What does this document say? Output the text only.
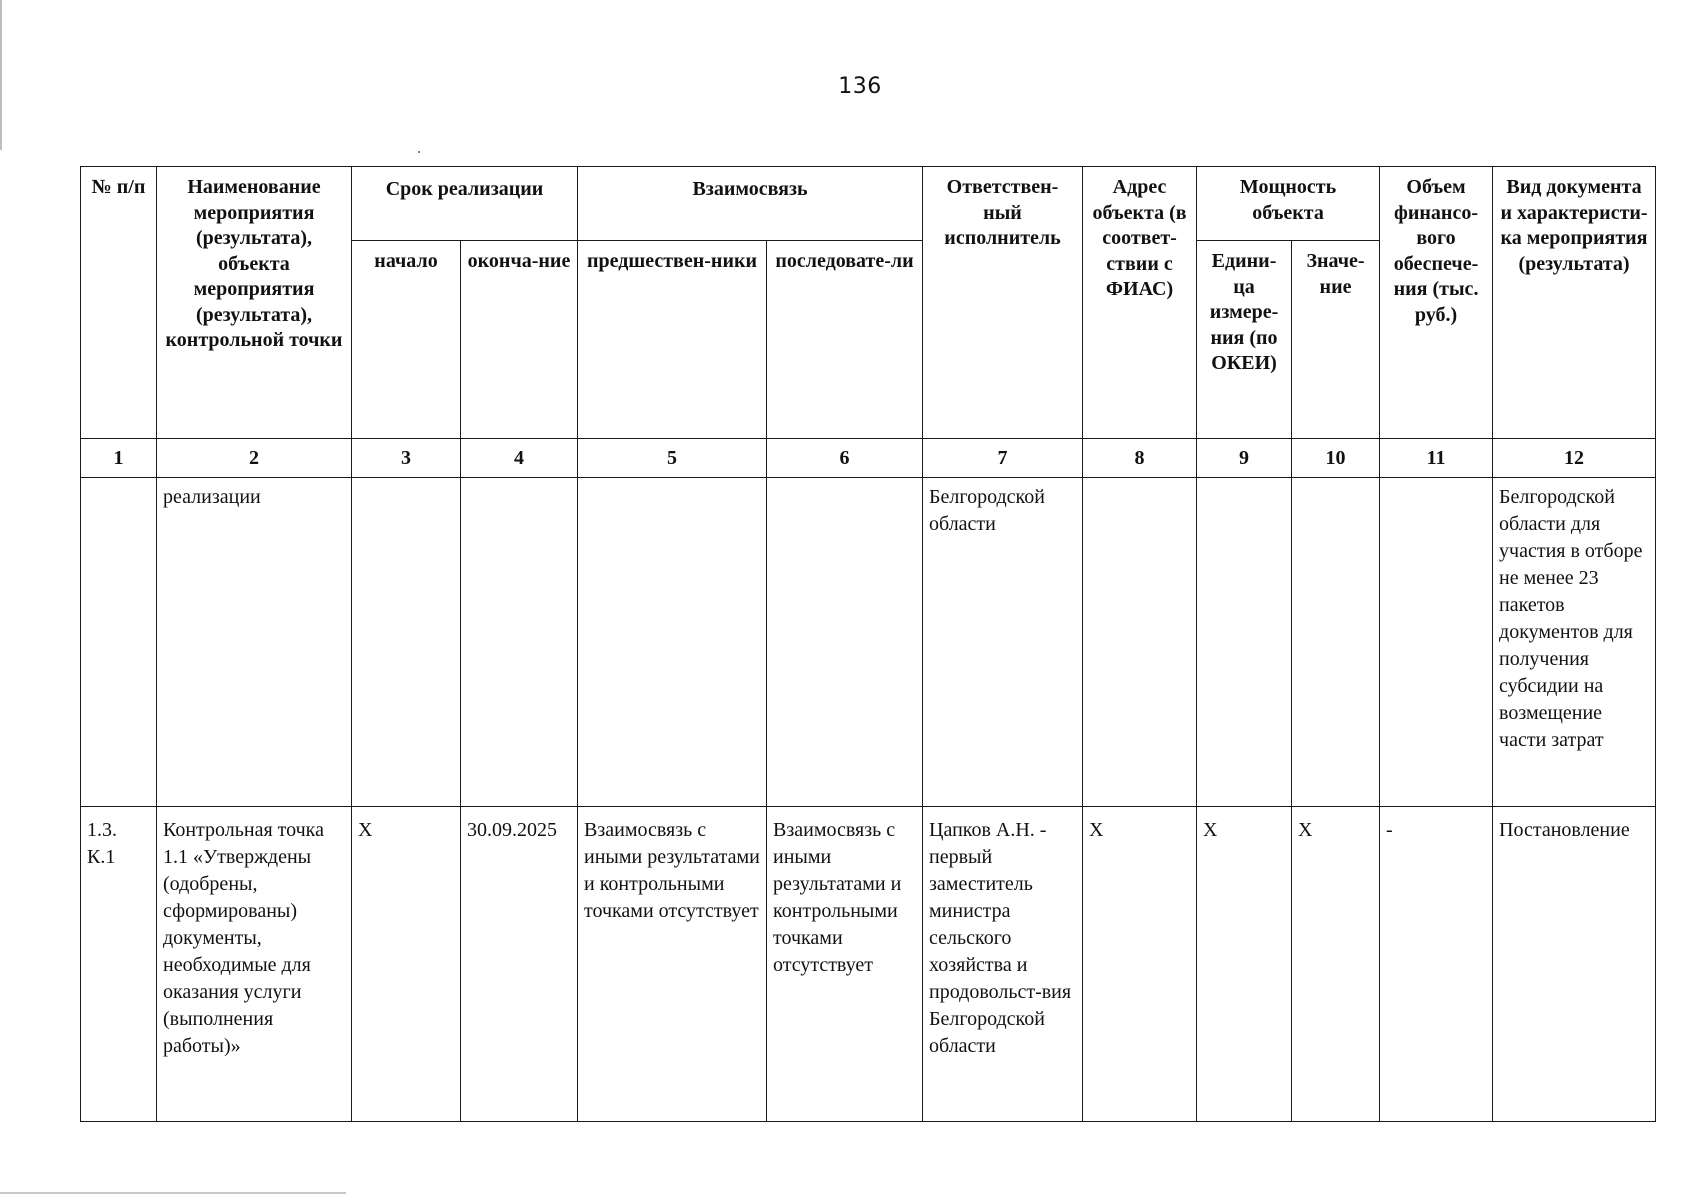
136
№ п/п	Наименование мероприятия (результата), объекта мероприятия (результата), контрольной точки	Срок реализации		Взаимосвязь		Ответствен-ный исполнитель	Адрес объекта (в соответ-ствии с ФИАС)	Мощность объекта		Объем финансо-вого обеспече-ния (тыс. руб.)	Вид документа и характеристи-ка мероприятия (результата)
		начало	оконча-ние	предшествен-ники	последовате-ли			Едини-ца измере-ния (по ОКЕИ)	Значе-ние		
1	2	3	4	5	6	7	8	9	10	11	12
	реализации					Белгородской области					Белгородской области для участия в отборе не менее 23 пакетов документов для получения субсидии на возмещение части затрат
1.3. К.1	Контрольная точка 1.1 «Утверждены (одобрены, сформированы) документы, необходимые для оказания услуги (выполнения работы)»	X	30.09.2025	Взаимосвязь с иными результатами и контрольными точками отсутствует	Взаимосвязь с иными результатами и контрольными точками отсутствует	Цапков А.Н. - первый заместитель министра сельского хозяйства и продовольст-вия Белгородской области	X	X	X	-	Постановление
